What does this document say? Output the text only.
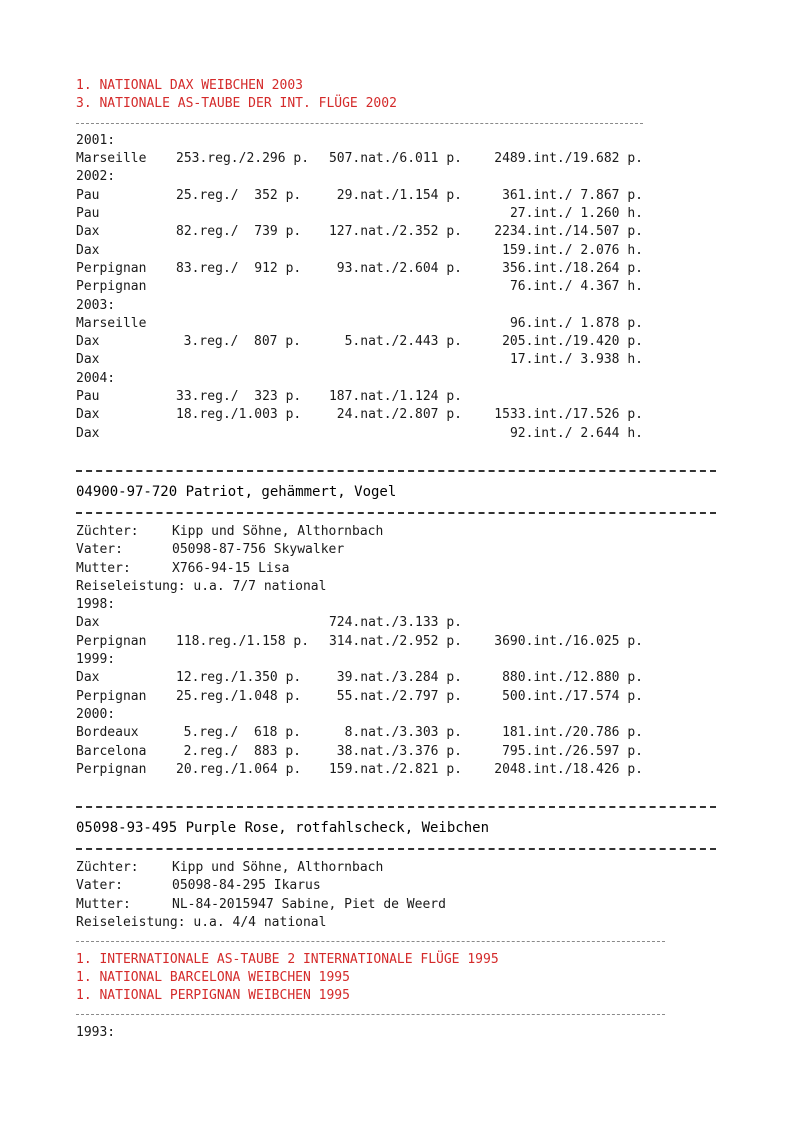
1. NATIONAL DAX WEIBCHEN 2003
3. NATIONALE AS-TAUBE DER INT. FLÜGE 2002
2001:
Marseille	253.reg./2.296 p.	507.nat./6.011 p.	2489.int./19.682 p.
2002:
Pau	25.reg./  352 p.	29.nat./1.154 p.	361.int./ 7.867 p.
Pau	27.int./ 1.260 h.
Dax	82.reg./  739 p.	127.nat./2.352 p.	2234.int./14.507 p.
Dax	159.int./ 2.076 h.
Perpignan	83.reg./  912 p.	93.nat./2.604 p.	356.int./18.264 p.
Perpignan	76.int./ 4.367 h.
2003:
Marseille	96.int./ 1.878 p.
Dax	3.reg./  807 p.	5.nat./2.443 p.	205.int./19.420 p.
Dax	17.int./ 3.938 h.
2004:
Pau	33.reg./  323 p.	187.nat./1.124 p.
Dax	18.reg./1.003 p.	24.nat./2.807 p.	1533.int./17.526 p.
Dax	92.int./ 2.644 h.
04900-97-720 Patriot, gehämmert, Vogel
Züchter:	Kipp und Söhne, Althornbach
Vater:	05098-87-756 Skywalker
Mutter:	X766-94-15 Lisa
Reiseleistung: u.a. 7/7 national
1998:
Dax	724.nat./3.133 p.
Perpignan	118.reg./1.158 p.	314.nat./2.952 p.	3690.int./16.025 p.
1999:
Dax	12.reg./1.350 p.	39.nat./3.284 p.	880.int./12.880 p.
Perpignan	25.reg./1.048 p.	55.nat./2.797 p.	500.int./17.574 p.
2000:
Bordeaux	5.reg./  618 p.	8.nat./3.303 p.	181.int./20.786 p.
Barcelona	2.reg./  883 p.	38.nat./3.376 p.	795.int./26.597 p.
Perpignan	20.reg./1.064 p.	159.nat./2.821 p.	2048.int./18.426 p.
05098-93-495 Purple Rose, rotfahlscheck, Weibchen
Züchter:	Kipp und Söhne, Althornbach
Vater:	05098-84-295 Ikarus
Mutter:	NL-84-2015947 Sabine, Piet de Weerd
Reiseleistung: u.a. 4/4 national
1. INTERNATIONALE AS-TAUBE 2 INTERNATIONALE FLÜGE 1995
1. NATIONAL BARCELONA WEIBCHEN 1995
1. NATIONAL PERPIGNAN WEIBCHEN 1995
1993:
